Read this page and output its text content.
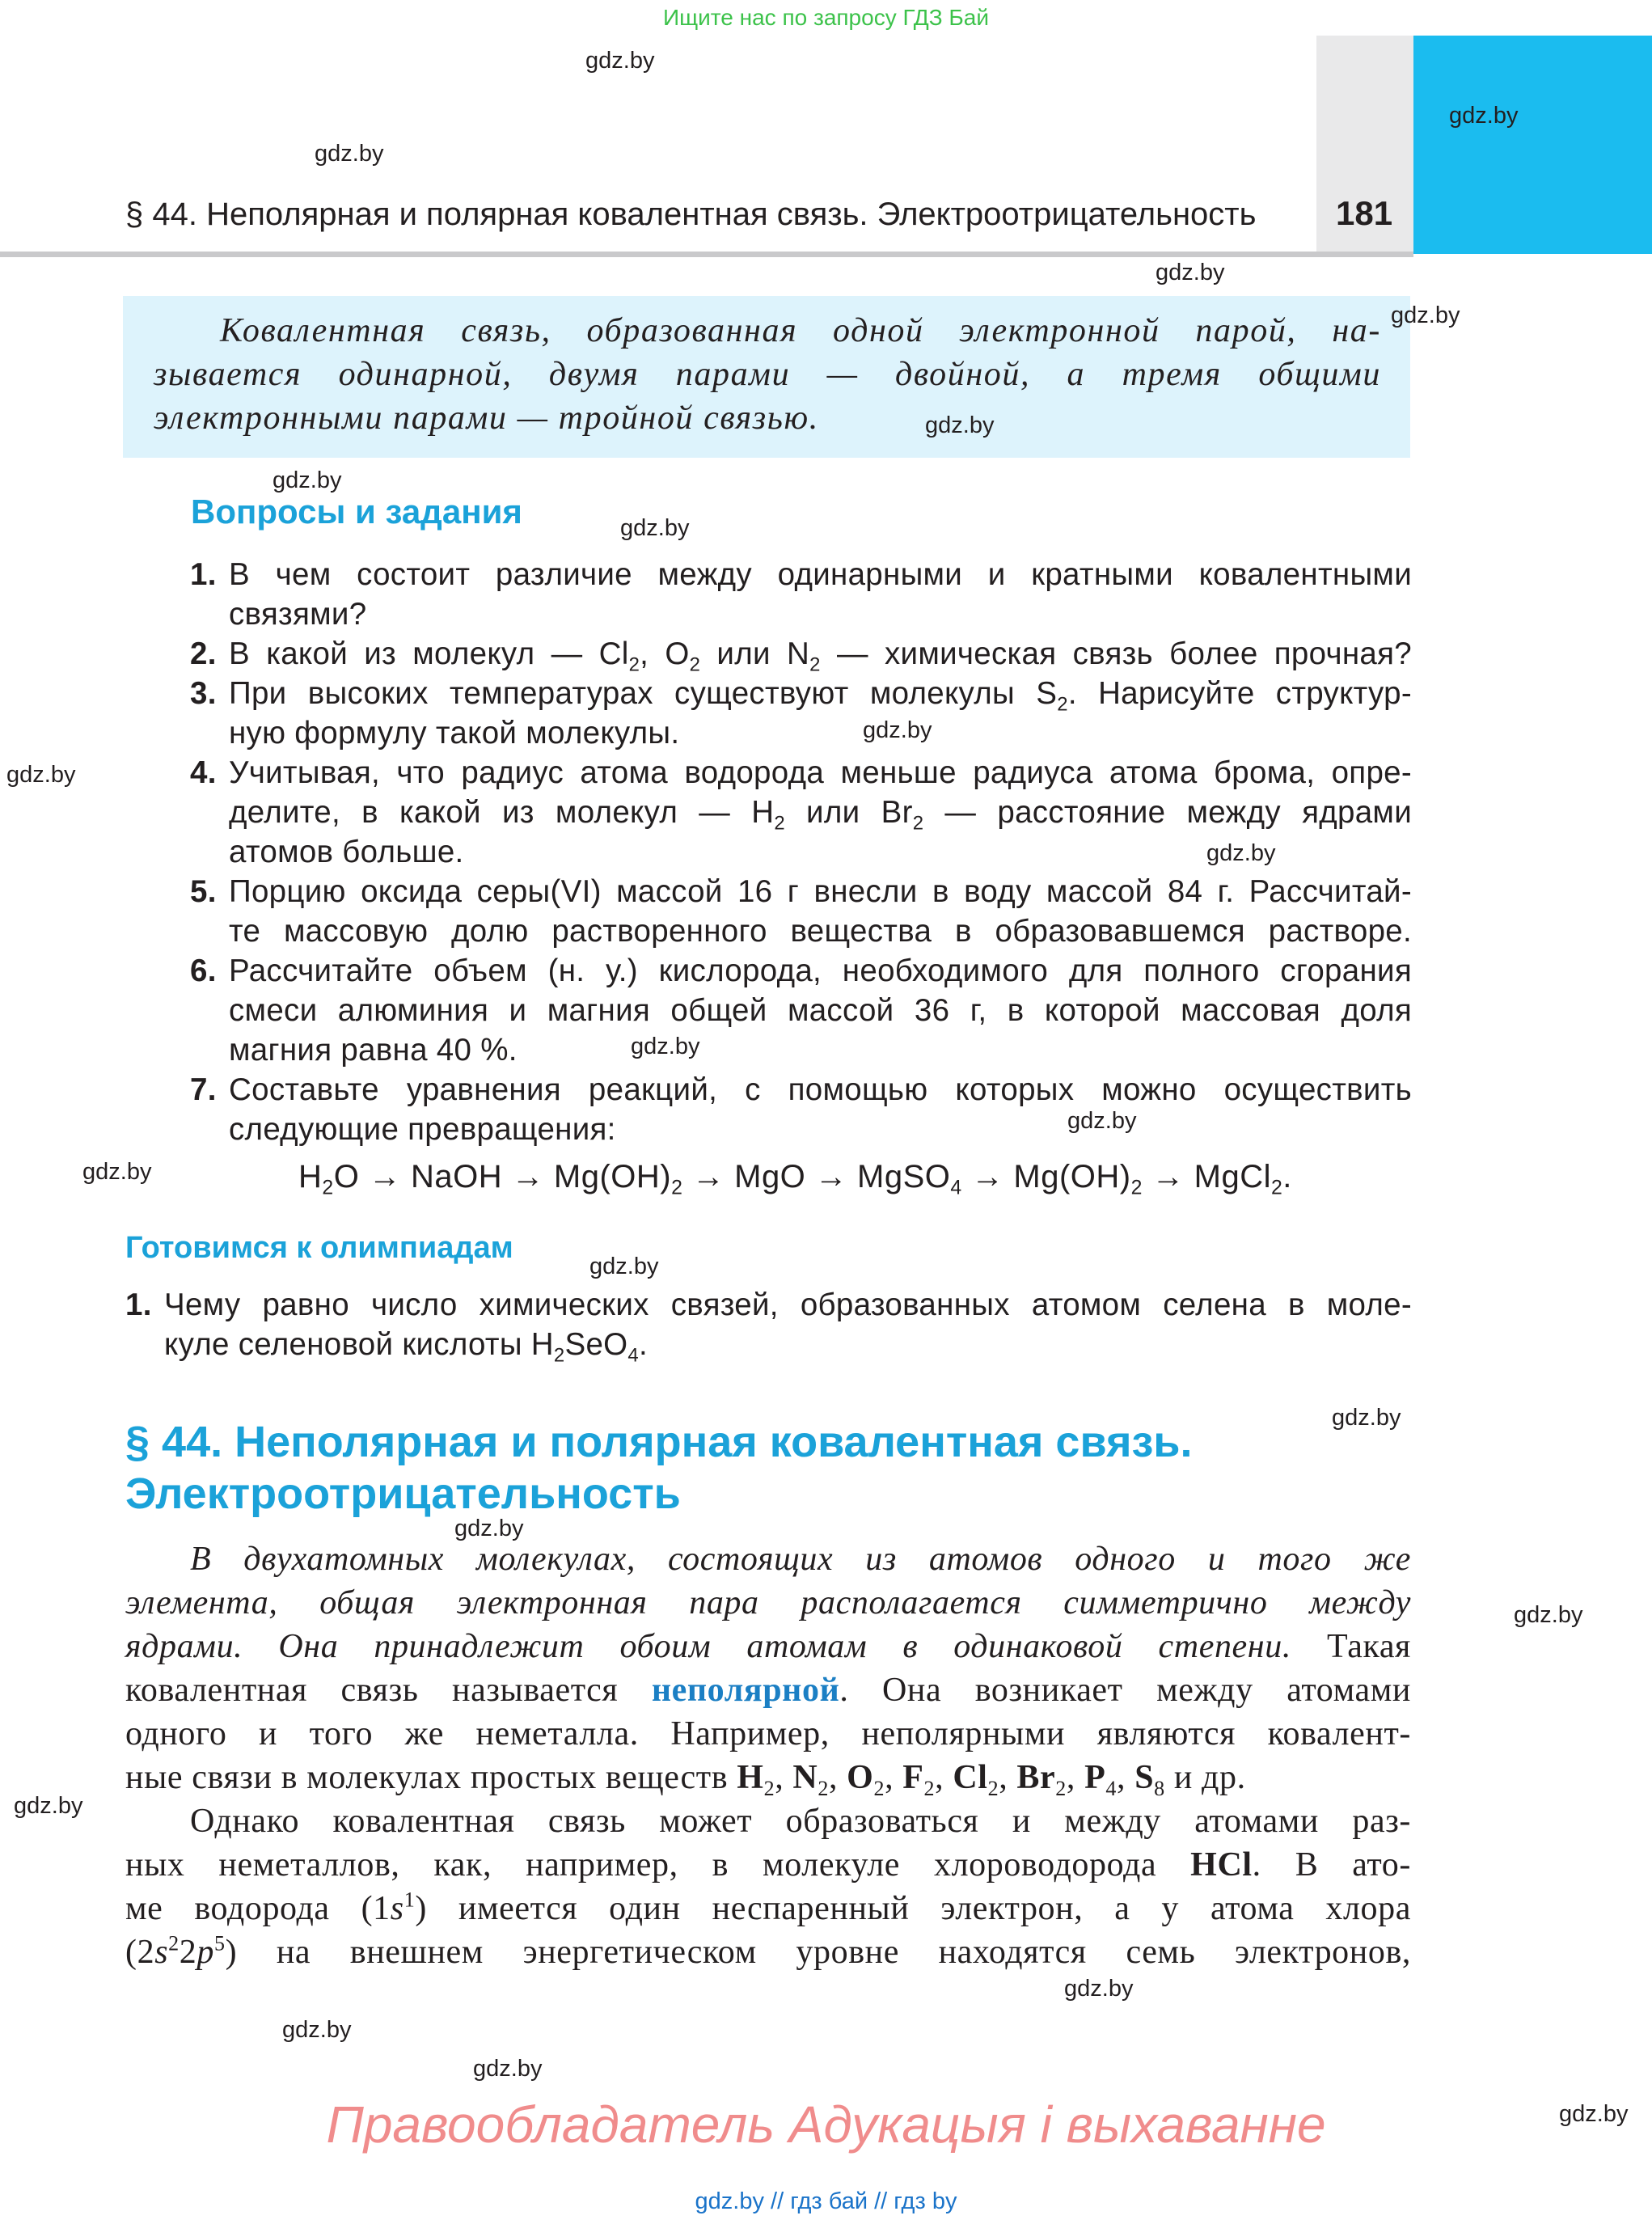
Ищите нас по запросу ГДЗ Бай
§ 44. Неполярная и полярная ковалентная связь. Электроотрицательность 181
Ковалентная связь, образованная одной электронной парой, на-
зывается одинарной, двумя парами — двойной, а тремя общими
электронными парами — тройной связью.
Вопросы и задания
1. В чем состоит различие между одинарными и кратными ковалентными
связями?
2. В какой из молекул — $Cl_2$, $O_2$ или $N_2$ — химическая связь более прочная?
3. При высоких температурах существуют молекулы $S_2$. Нарисуйте структур-
ную формулу такой молекулы.
4. Учитывая, что радиус атома водорода меньше радиуса атома брома, опре-
делите, в какой из молекул — $H_2$ или $Br_2$ — расстояние между ядрами
атомов больше.
5. Порцию оксида серы(VI) массой 16 г внесли в воду массой 84 г. Рассчитай-
те массовую долю растворенного вещества в образовавшемся растворе.
6. Рассчитайте объем (н. у.) кислорода, необходимого для полного сгорания
смеси алюминия и магния общей массой 36 г, в которой массовая доля
магния равна 40 %.
7. Составьте уравнения реакций, с помощью которых можно осуществить
следующие превращения:
$H_2O$ → NaOH → $Mg(OH)_2$ → MgO → MgSO$_4$ → $Mg(OH)_2$ → MgCl$_2$.
Готовимся к олимпиадам
1. Чему равно число химических связей, образованных атомом селена в моле-
куле селеновой кислоты $H_2SeO_4$.
§ 44. Неполярная и полярная ковалентная связь.
Электроотрицательность
В двухатомных молекулах, состоящих из атомов одного и того же
элемента, общая электронная пара располагается симметрично между
ядрами. Она принадлежит обоим атомам в одинаковой степени. Такая
ковалентная связь называется неполярной. Она возникает между атомами
одного и того же неметалла. Например, неполярными являются ковалент-
ные связи в молекулах простых веществ $H_2$, $N_2$, $O_2$, $F_2$, $Cl_2$, $Br_2$, $P_4$, $S_8$ и др.
Однако ковалентная связь может образоваться и между атомами раз-
ных неметаллов, как, например, в молекуле хлороводорода HCl. В ато-
ме водорода $(1s^1)$ имеется один неспаренный электрон, а у атома хлора
$(2s^22p^5)$ на внешнем энергетическом уровне находятся семь электронов,
gdz.by
gdz.by
gdz.by
gdz.by
gdz.by
gdz.by
gdz.by
gdz.by
gdz.by
gdz.by
gdz.by
gdz.by
gdz.by
gdz.by
gdz.by
gdz.by
gdz.by
gdz.by
gdz.by
gdz.by
gdz.by
gdz.by
gdz.by
Правообладатель Адукацыя і выхаванне
gdz.by // гдз бай // гдз by
